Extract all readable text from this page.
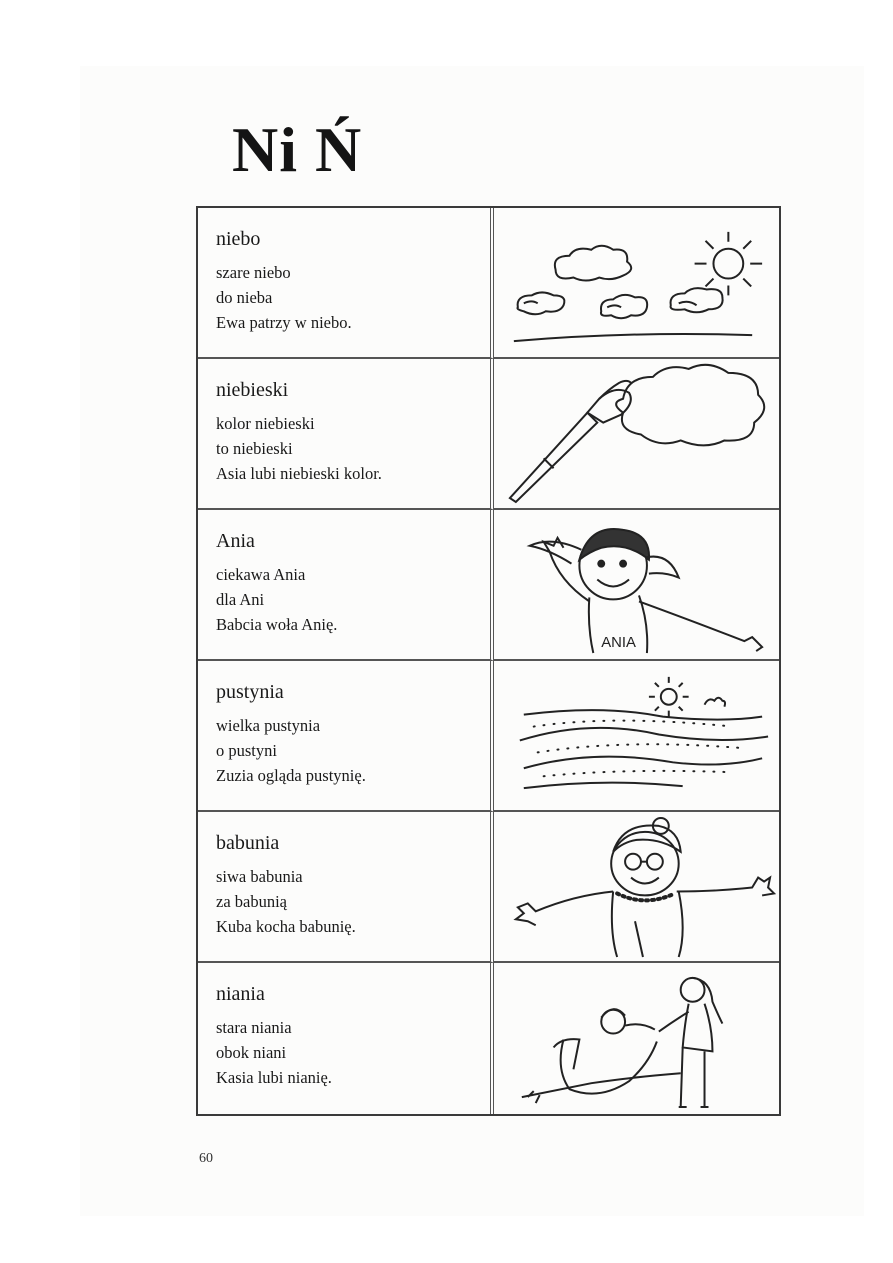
Ni Ń

niebo

szare niebo

do nieba

Ewa patrzy w niebo.

niebieski

kolor niebieski

to niebieski

Asia lubi niebieski kolor.

Ania

ciekawa Ania

dla Ani

Babcia woła Anię.

ANIA

pustynia

wielka pustynia

o pustyni

Zuzia ogląda pustynię.

babunia

siwa babunia

za babunią

Kuba kocha babunię.

niania

stara niania

obok niani

Kasia lubi nianię.

60
